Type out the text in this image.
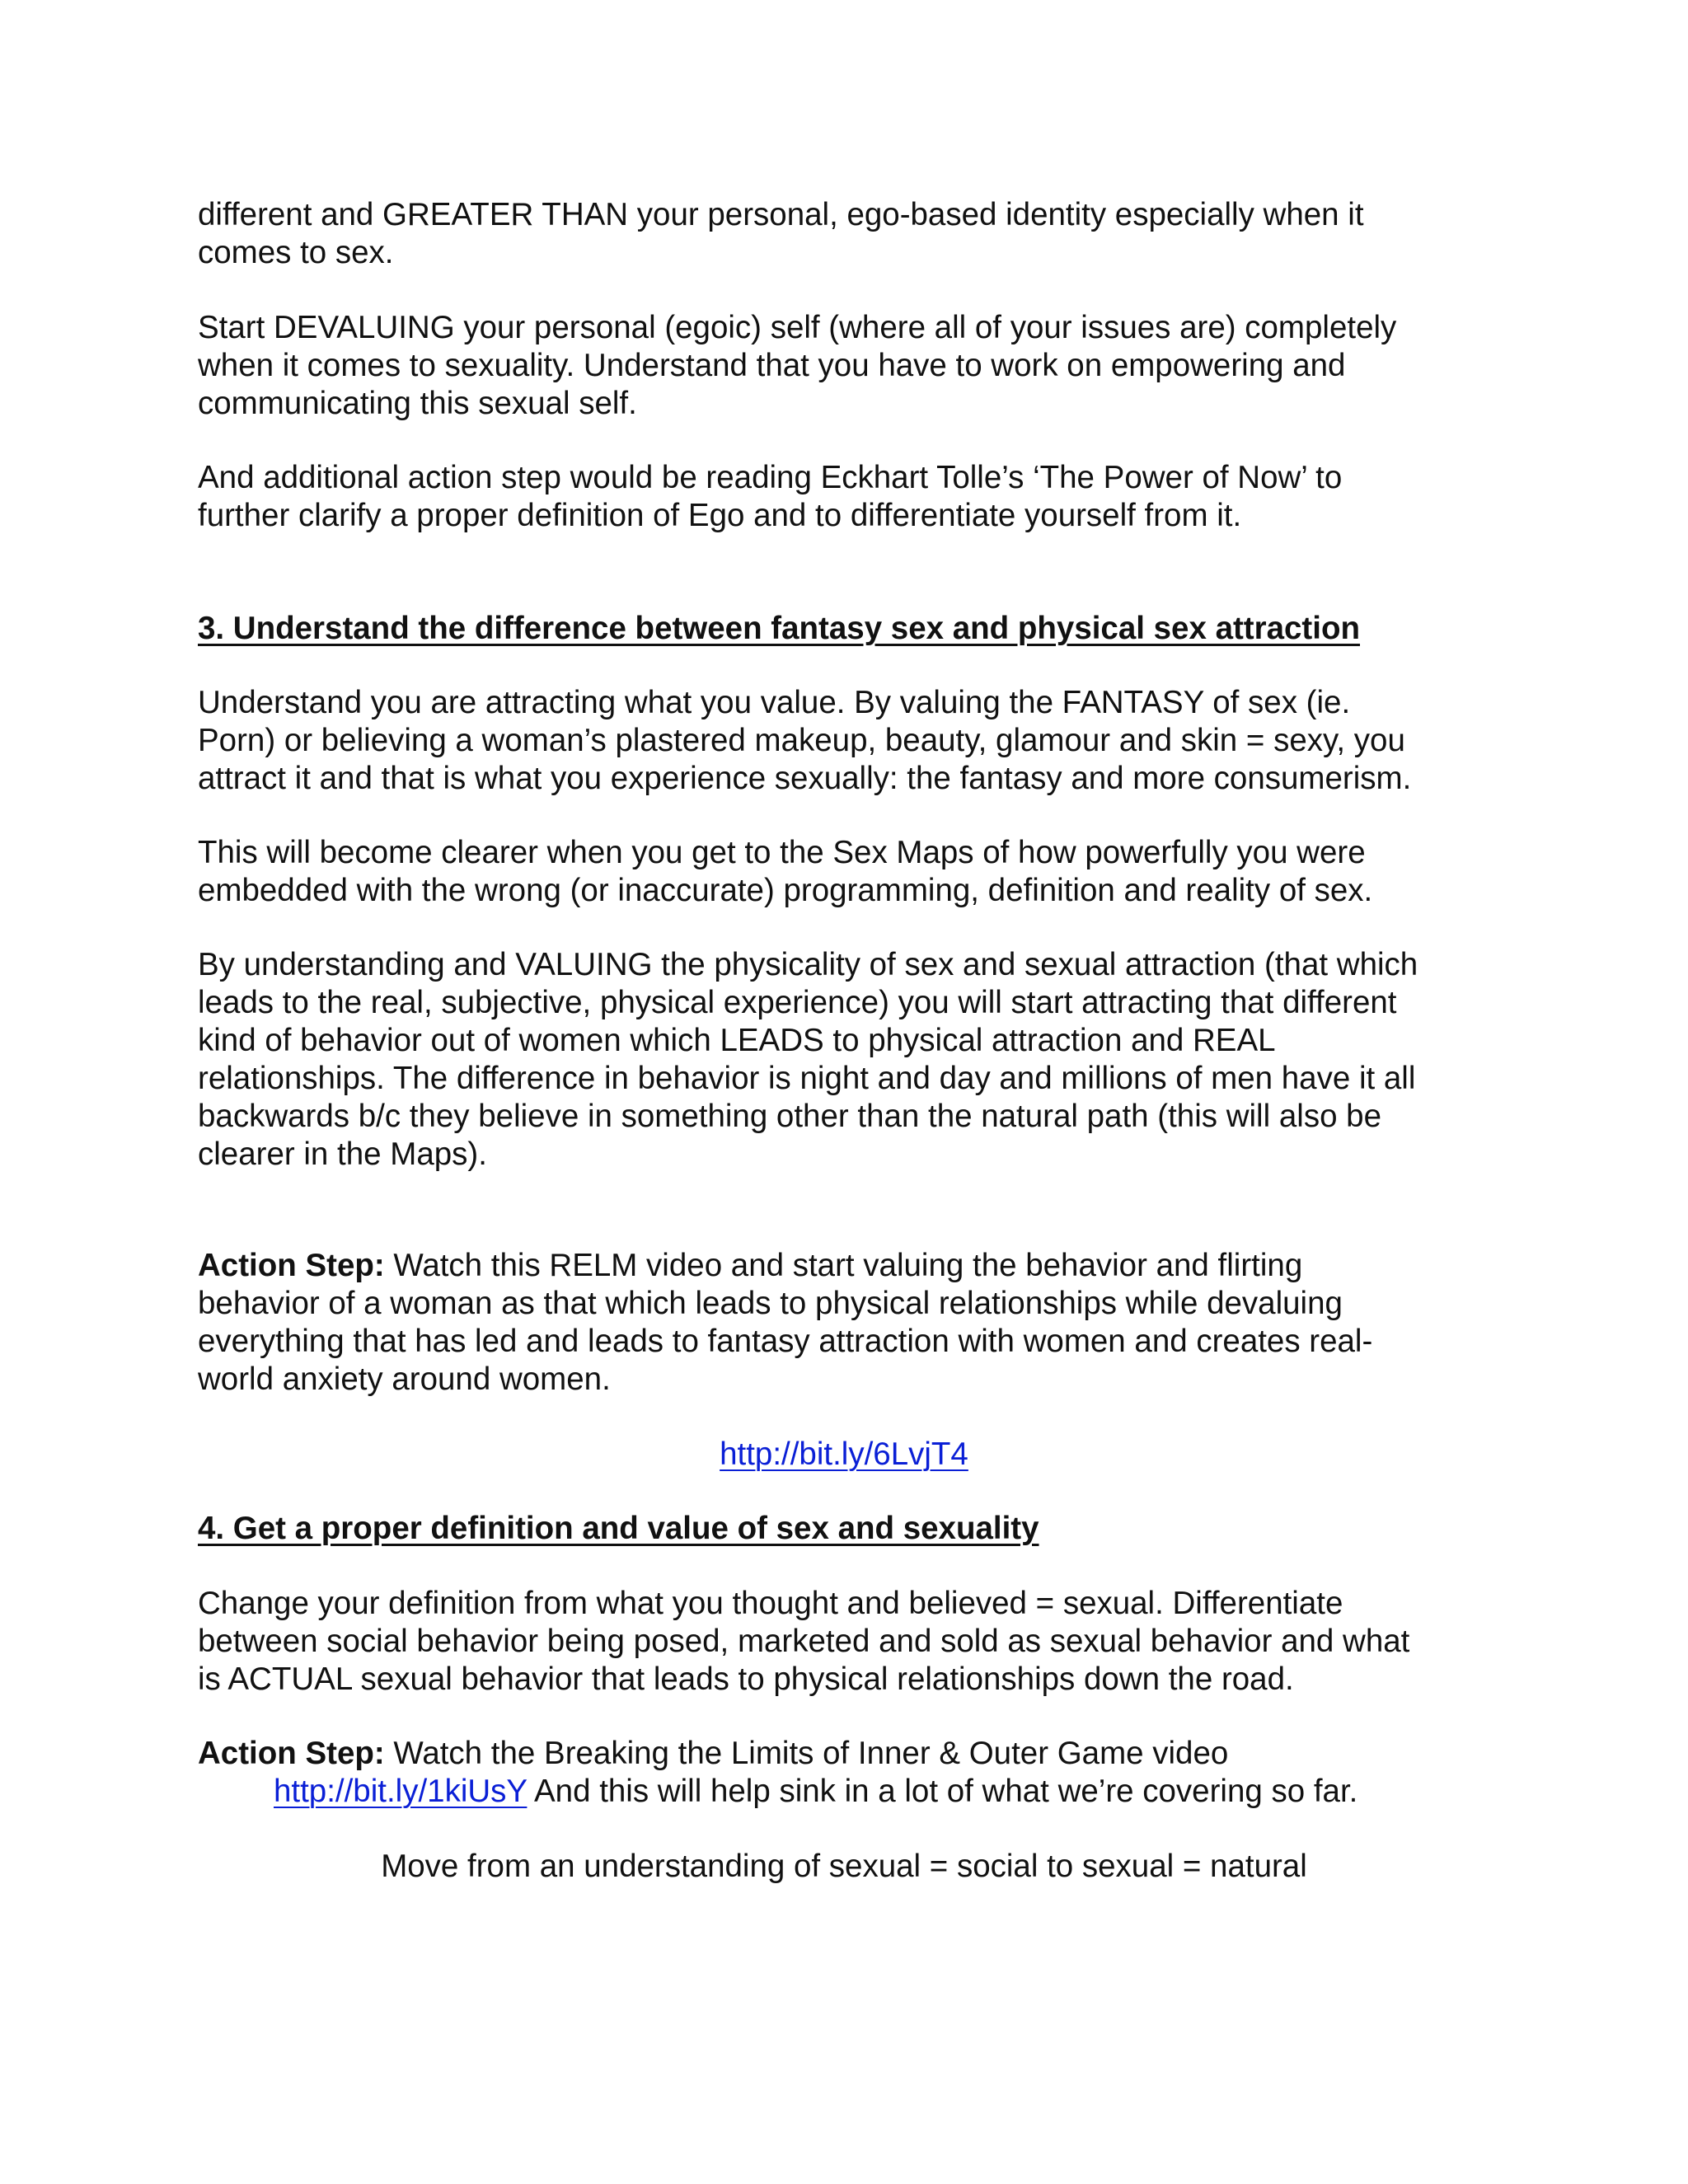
different and GREATER THAN your personal, ego-based identity especially when it
comes to sex.
Start DEVALUING your personal (egoic) self (where all of your issues are) completely
when it comes to sexuality. Understand that you have to work on empowering and
communicating this sexual self.
And additional action step would be reading Eckhart Tolle’s ‘The Power of Now’ to
further clarify a proper definition of Ego and to differentiate yourself from it.
3. Understand the difference between fantasy sex and physical sex attraction
Understand you are attracting what you value. By valuing the FANTASY of sex (ie.
Porn) or believing a woman’s plastered makeup, beauty, glamour and skin = sexy, you
attract it and that is what you experience sexually: the fantasy and more consumerism.
This will become clearer when you get to the Sex Maps of how powerfully you were
embedded with the wrong (or inaccurate) programming, definition and reality of sex.
By understanding and VALUING the physicality of sex and sexual attraction (that which
leads to the real, subjective, physical experience) you will start attracting that different
kind of behavior out of women which LEADS to physical attraction and REAL
relationships. The difference in behavior is night and day and millions of men have it all
backwards b/c they believe in something other than the natural path (this will also be
clearer in the Maps).
Action Step: Watch this RELM video and start valuing the behavior and flirting
behavior of a woman as that which leads to physical relationships while devaluing
everything that has led and leads to fantasy attraction with women and creates real-
world anxiety around women.
http://bit.ly/6LvjT4
4. Get a proper definition and value of sex and sexuality
Change your definition from what you thought and believed = sexual. Differentiate
between social behavior being posed, marketed and sold as sexual behavior and what
is ACTUAL sexual behavior that leads to physical relationships down the road.
Action Step: Watch the Breaking the Limits of Inner & Outer Game video
http://bit.ly/1kiUsY And this will help sink in a lot of what we’re covering so far.
Move from an understanding of sexual = social to sexual = natural
